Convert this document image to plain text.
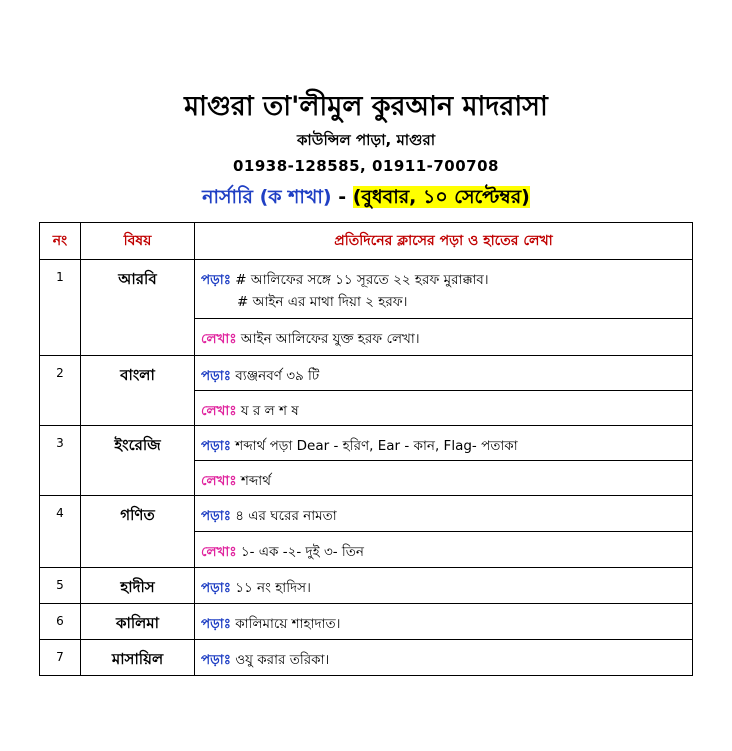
মাগুরা তা'লীমুল কুরআন মাদরাসা
কাউন্সিল পাড়া, মাগুরা
01938-128585, 01911-700708
নার্সারি (ক শাখা) - (বুধবার, ১০ সেপ্টেম্বর)
নং	বিষয়	প্রতিদিনের ক্লাসের পড়া ও হাতের লেখা
1	আরবি	পড়াঃ # আলিফের সঙ্গে ১১ সূরতে ২২ হরফ মুরাক্কাব।
# আইন এর মাথা দিয়া ২ হরফ।

		লেখাঃ আইন আলিফের যুক্ত হরফ লেখা।
2	বাংলা	পড়াঃ ব্যঞ্জনবর্ণ ৩৯ টি
		লেখাঃ য র ল শ ষ
3	ইংরেজি	পড়াঃ শব্দার্থ পড়া Dear - হরিণ, Ear - কান, Flag- পতাকা
		লেখাঃ শব্দার্থ
4	গণিত	পড়াঃ ৪ এর ঘরের নামতা
		লেখাঃ ১- এক -২- দুই ৩- তিন
5	হাদীস	পড়াঃ ১১ নং হাদিস।
6	কালিমা	পড়াঃ কালিমায়ে শাহাদাত।
7	মাসায়িল	পড়াঃ ওযু করার তরিকা।
